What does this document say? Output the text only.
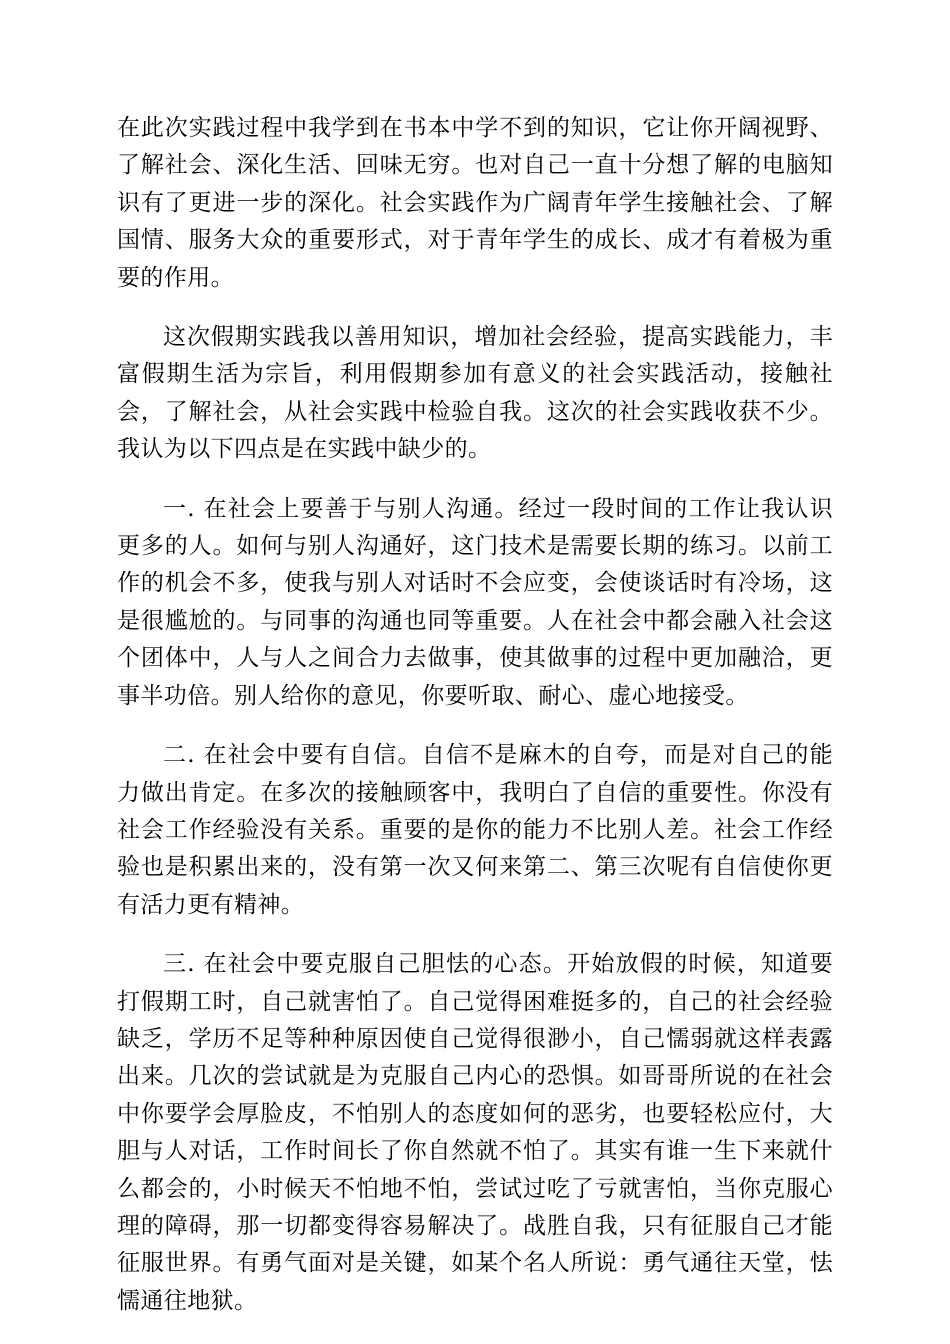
在此次实践过程中我学到在书本中学不到的知识，它让你开阔视野、了解社会、深化生活、回味无穷。也对自己一直十分想了解的电脑知识有了更进一步的深化。社会实践作为广阔青年学生接触社会、了解国情、服务大众的重要形式，对于青年学生的成长、成才有着极为重要的作用。

这次假期实践我以善用知识，增加社会经验，提高实践能力，丰富假期生活为宗旨，利用假期参加有意义的社会实践活动，接触社会，了解社会，从社会实践中检验自我。这次的社会实践收获不少。我认为以下四点是在实践中缺少的。

一. 在社会上要善于与别人沟通。经过一段时间的工作让我认识更多的人。如何与别人沟通好，这门技术是需要长期的练习。以前工作的机会不多，使我与别人对话时不会应变，会使谈话时有冷场，这是很尴尬的。与同事的沟通也同等重要。人在社会中都会融入社会这个团体中，人与人之间合力去做事，使其做事的过程中更加融洽，更事半功倍。别人给你的意见，你要听取、耐心、虚心地接受。

二. 在社会中要有自信。自信不是麻木的自夸，而是对自己的能力做出肯定。在多次的接触顾客中，我明白了自信的重要性。你没有社会工作经验没有关系。重要的是你的能力不比别人差。社会工作经验也是积累出来的，没有第一次又何来第二、第三次呢有自信使你更有活力更有精神。

三. 在社会中要克服自己胆怯的心态。开始放假的时候，知道要打假期工时，自己就害怕了。自己觉得困难挺多的，自己的社会经验缺乏，学历不足等种种原因使自己觉得很渺小，自己懦弱就这样表露出来。几次的尝试就是为克服自己内心的恐惧。如哥哥所说的在社会中你要学会厚脸皮，不怕别人的态度如何的恶劣，也要轻松应付，大胆与人对话，工作时间长了你自然就不怕了。其实有谁一生下来就什么都会的，小时候天不怕地不怕，尝试过吃了亏就害怕，当你克服心理的障碍，那一切都变得容易解决了。战胜自我，只有征服自己才能征服世界。有勇气面对是关键，如某个名人所说：勇气通往天堂，怯懦通往地狱。
